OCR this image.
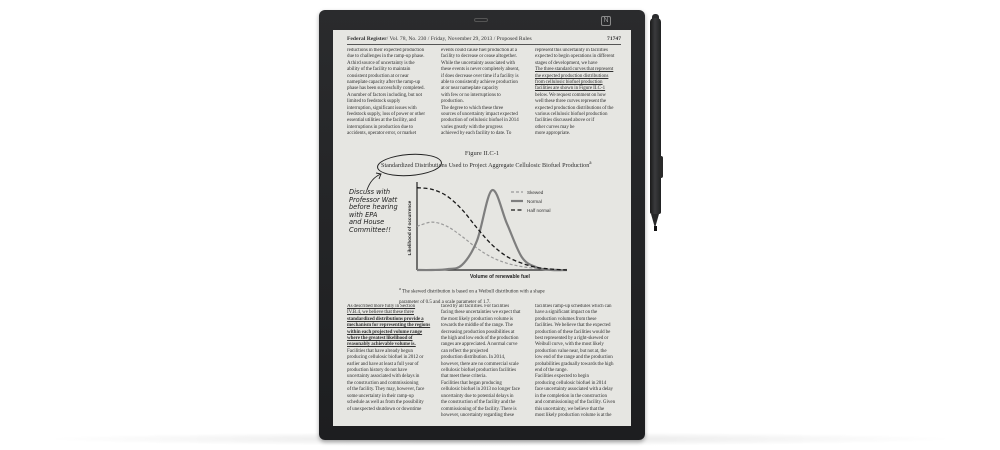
N
Federal Register/ Vol. 78, No. 230 / Friday, November 29, 2013 / Proposed Rules	71747
reductions in their expected production
due to challenges in the ramp-up phase.
A third source of uncertainty is the
ability of the facility to maintain
consistent production at or near
nameplate capacity after the ramp-up
phase has been successfully completed.
A number of factors including, but not
limited to feedstock supply
interruption, significant issues with
feedstock supply, loss of power or other
essential utilities at the facility, and
interruptions in production due to
accidents, operator error, or market
events could cause fuel production at a
facility to decrease or cease altogether.
While the uncertainty associated with
these events is never completely absent,
if does decrease over time if a facility is
able to consistently achieve production
at or near nameplate capacity
with few or no interruptions to
production.
The degree to which these three
sources of uncertainty impact expected
production of cellulosic biofuel in 2014
varies greatly with the progress
achieved by each facility to date. To
represent this uncertainty in facilities
expected to begin operations in different
stages of development, we have
The three standard curves that represent
the expected production distributions
from cellulosic biofuel production
facilities are shown in Figure II.C-1
below. We request comment on how
well these three curves represent the
expected production distributions of the
various cellulosic biofuel production
facilities discussed above or if
other curves may be
more appropriate.
Figure II.C-1
Standardized Distributions Used to Project Aggregate Cellulosic Biofuel Production$^a$
Discuss with
Professor Watt
before hearing
with EPA
and House
Committee!!
Skewed
Normal
Half normal
Volume of renewable fuel
Likelihood of occurrence
$^a$ The skewed distribution is based on a Weibull distribution with a shape
parameter of 0.5 and a scale parameter of 1.7.
As described more fully in Section
IV.B.4, we believe that these three
standardized distributions provide a
mechanism for representing the regions
within each projected volume range
where the greatest likelihood of
reasonably achievable volume is.
Facilities that have already begun
producing cellulosic biofuel in 2012 or
earlier and have at least a full year of
production history do not have
uncertainty associated with delays in
the construction and commissioning
of the facility. They may, however, face
some uncertainty in their ramp-up
schedule as well as from the possibility
of unexpected shutdown or downtime
faced by all facilities. For facilities
facing these uncertainties we expect that
the most likely production volume is
towards the middle of the range. The
decreasing production possibilities at
the high and low ends of the production
ranges are appreciated. A normal curve
can reflect the projected
production distribution. In 2014,
however, there are no commercial scale
cellulosic biofuel production facilities
that meet these criteria.
Facilities that began producing
cellulosic biofuel in 2013 no longer face
uncertainty due to potential delays in
the construction of the facility and the
commissioning of the facility. There is
however, uncertainty regarding these
facilities ramp-up schedules which can
have a significant impact on the
production volumes from these
facilities. We believe that the expected
production of these facilities would be
best represented by a right-skewed or
Weibull curve, with the most likely
production value near, but not at, the
low end of the range and the production
probabilities gradually towards the high
end of the range.
Facilities expected to begin
producing cellulosic biofuel in 2014
face uncertainty associated with a delay
in the completion in the construction
and commissioning of the facility. Given
this uncertainty, we believe that the
most likely production volume is at the
